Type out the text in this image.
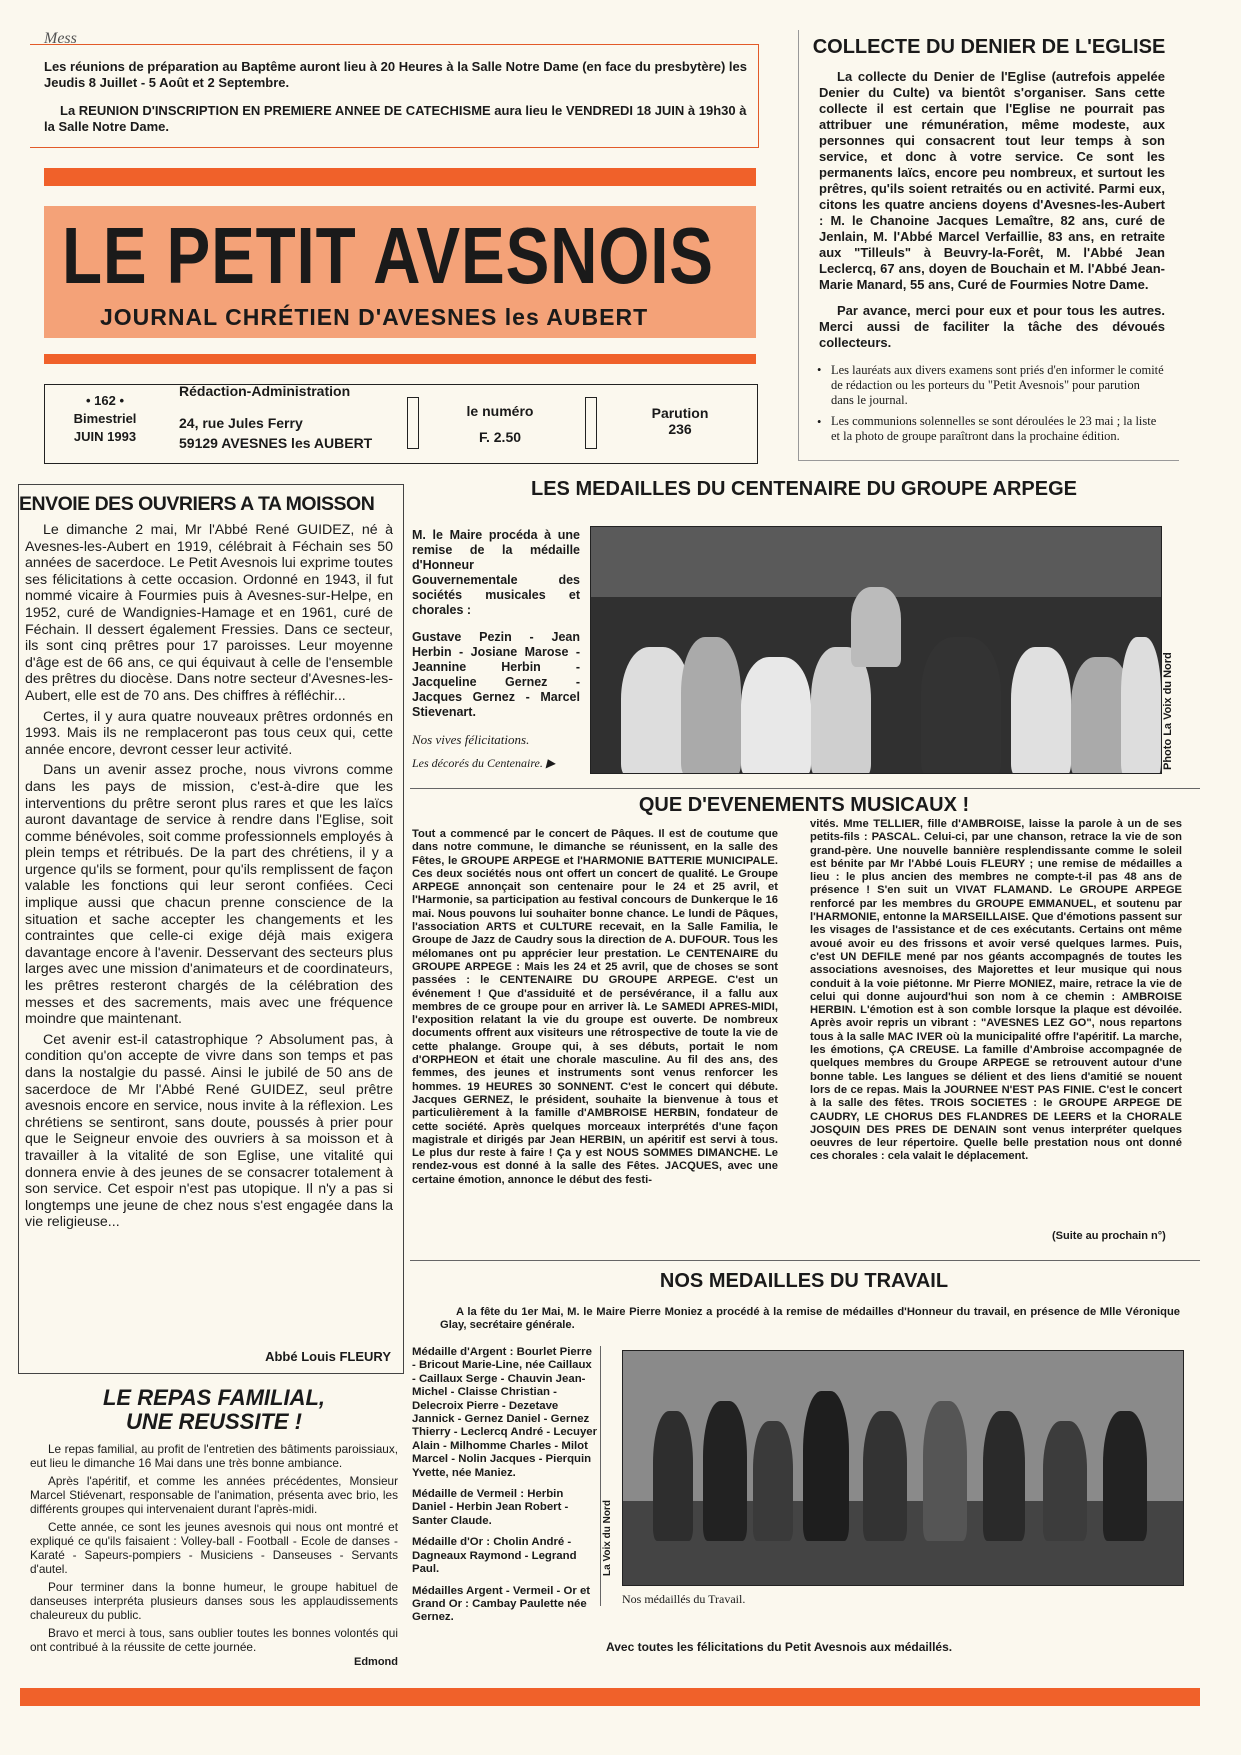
Mess
Les réunions de préparation au Baptême auront lieu à 20 Heures à la Salle Notre Dame (en face du presbytère) les Jeudis 8 Juillet - 5 Août et 2 Septembre.
La REUNION D'INSCRIPTION EN PREMIERE ANNEE DE CATECHISME aura lieu le VENDREDI 18 JUIN à 19h30 à la Salle Notre Dame.
LE PETIT AVESNOIS
JOURNAL CHRÉTIEN D'AVESNES les AUBERT
• 162 •
Bimestriel
JUIN 1993
Rédaction-Administration
24, rue Jules Ferry
59129 AVESNES les AUBERT
le numéro
F. 2.50
Parution
236
COLLECTE DU DENIER DE L'EGLISE

La collecte du Denier de l'Eglise (autrefois appelée Denier du Culte) va bientôt s'organiser. Sans cette collecte il est certain que l'Eglise ne pourrait pas attribuer une rémunération, même modeste, aux personnes qui consacrent tout leur temps à son service, et donc à votre service. Ce sont les permanents laïcs, encore peu nombreux, et surtout les prêtres, qu'ils soient retraités ou en activité. Parmi eux, citons les quatre anciens doyens d'Avesnes-les-Aubert : M. le Chanoine Jacques Lemaître, 82 ans, curé de Jenlain, M. l'Abbé Marcel Verfaillie, 83 ans, en retraite aux "Tilleuls" à Beuvry-la-Forêt, M. l'Abbé Jean Leclercq, 67 ans, doyen de Bouchain et M. l'Abbé Jean-Marie Manard, 55 ans, Curé de Fourmies Notre Dame.

Par avance, merci pour eux et pour tous les autres. Merci aussi de faciliter la tâche des dévoués collecteurs.

• Les lauréats aux divers examens sont priés d'en informer le comité de rédaction ou les porteurs du "Petit Avesnois" pour parution dans le journal.

• Les communions solennelles se sont déroulées le 23 mai ; la liste et la photo de groupe paraîtront dans la prochaine édition.

ENVOIE DES OUVRIERS A TA MOISSON

Le dimanche 2 mai, Mr l'Abbé René GUIDEZ, né à Avesnes-les-Aubert en 1919, célébrait à Féchain ses 50 années de sacerdoce. Le Petit Avesnois lui exprime toutes ses félicitations à cette occasion. Ordonné en 1943, il fut nommé vicaire à Fourmies puis à Avesnes-sur-Helpe, en 1952, curé de Wandignies-Hamage et en 1961, curé de Féchain. Il dessert également Fressies. Dans ce secteur, ils sont cinq prêtres pour 17 paroisses. Leur moyenne d'âge est de 66 ans, ce qui équivaut à celle de l'ensemble des prêtres du diocèse. Dans notre secteur d'Avesnes-les-Aubert, elle est de 70 ans. Des chiffres à réfléchir...

Certes, il y aura quatre nouveaux prêtres ordonnés en 1993. Mais ils ne remplaceront pas tous ceux qui, cette année encore, devront cesser leur activité.

Dans un avenir assez proche, nous vivrons comme dans les pays de mission, c'est-à-dire que les interventions du prêtre seront plus rares et que les laïcs auront davantage de service à rendre dans l'Eglise, soit comme bénévoles, soit comme professionnels employés à plein temps et rétribués. De la part des chrétiens, il y a urgence qu'ils se forment, pour qu'ils remplissent de façon valable les fonctions qui leur seront confiées. Ceci implique aussi que chacun prenne conscience de la situation et sache accepter les changements et les contraintes que celle-ci exige déjà mais exigera davantage encore à l'avenir. Desservant des secteurs plus larges avec une mission d'animateurs et de coordinateurs, les prêtres resteront chargés de la célébration des messes et des sacrements, mais avec une fréquence moindre que maintenant.

Cet avenir est-il catastrophique ? Absolument pas, à condition qu'on accepte de vivre dans son temps et pas dans la nostalgie du passé. Ainsi le jubilé de 50 ans de sacerdoce de Mr l'Abbé René GUIDEZ, seul prêtre avesnois encore en service, nous invite à la réflexion. Les chrétiens se sentiront, sans doute, poussés à prier pour que le Seigneur envoie des ouvriers à sa moisson et à travailler à la vitalité de son Eglise, une vitalité qui donnera envie à des jeunes de se consacrer totalement à son service. Cet espoir n'est pas utopique. Il n'y a pas si longtemps une jeune de chez nous s'est engagée dans la vie religieuse...

Abbé Louis FLEURY
LE REPAS FAMILIAL,
UNE REUSSITE !

Le repas familial, au profit de l'entretien des bâtiments paroissiaux, eut lieu le dimanche 16 Mai dans une très bonne ambiance.

Après l'apéritif, et comme les années précédentes, Monsieur Marcel Stiévenart, responsable de l'animation, présenta avec brio, les différents groupes qui intervenaient durant l'après-midi.

Cette année, ce sont les jeunes avesnois qui nous ont montré et expliqué ce qu'ils faisaient : Volley-ball - Football - Ecole de danses - Karaté - Sapeurs-pompiers - Musiciens - Danseuses - Servants d'autel.

Pour terminer dans la bonne humeur, le groupe habituel de danseuses interpréta plusieurs danses sous les applaudissements chaleureux du public.

Bravo et merci à tous, sans oublier toutes les bonnes volontés qui ont contribué à la réussite de cette journée.

Edmond
LES MEDAILLES DU CENTENAIRE DU GROUPE ARPEGE
M. le Maire procéda à une remise de la médaille d'Honneur Gouvernementale des sociétés musicales et chorales :
Gustave Pezin - Jean Herbin - Josiane Marose - Jeannine Herbin - Jacqueline Gernez - Jacques Gernez - Marcel Stievenart.
Nos vives félicitations.
Les décorés du Centenaire. ▶	Photo La Voix du Nord
QUE D'EVENEMENTS MUSICAUX !
Tout a commencé par le concert de Pâques. Il est de coutume que dans notre commune, le dimanche se réunissent, en la salle des Fêtes, le GROUPE ARPEGE et l'HARMONIE BATTERIE MUNICIPALE. Ces deux sociétés nous ont offert un concert de qualité. Le Groupe ARPEGE annonçait son centenaire pour le 24 et 25 avril, et l'Harmonie, sa participation au festival concours de Dunkerque le 16 mai. Nous pouvons lui souhaiter bonne chance. Le lundi de Pâques, l'association ARTS et CULTURE recevait, en la Salle Familia, le Groupe de Jazz de Caudry sous la direction de A. DUFOUR. Tous les mélomanes ont pu apprécier leur prestation. Le CENTENAIRE du GROUPE ARPEGE : Mais les 24 et 25 avril, que de choses se sont passées : le CENTENAIRE DU GROUPE ARPEGE. C'est un événement ! Que d'assiduité et de persévérance, il a fallu aux membres de ce groupe pour en arriver là. Le SAMEDI APRES-MIDI, l'exposition relatant la vie du groupe est ouverte. De nombreux documents offrent aux visiteurs une rétrospective de toute la vie de cette phalange. Groupe qui, à ses débuts, portait le nom d'ORPHEON et était une chorale masculine. Au fil des ans, des femmes, des jeunes et instruments sont venus renforcer les hommes. 19 HEURES 30 SONNENT. C'est le concert qui débute. Jacques GERNEZ, le président, souhaite la bienvenue à tous et particulièrement à la famille d'AMBROISE HERBIN, fondateur de cette société. Après quelques morceaux interprétés d'une façon magistrale et dirigés par Jean HERBIN, un apéritif est servi à tous. Le plus dur reste à faire ! Ça y est NOUS SOMMES DIMANCHE. Le rendez-vous est donné à la salle des Fêtes. JACQUES, avec une certaine émotion, annonce le début des festi-
vités. Mme TELLIER, fille d'AMBROISE, laisse la parole à un de ses petits-fils : PASCAL. Celui-ci, par une chanson, retrace la vie de son grand-père. Une nouvelle bannière resplendissante comme le soleil est bénite par Mr l'Abbé Louis FLEURY ; une remise de médailles a lieu : le plus ancien des membres ne compte-t-il pas 48 ans de présence ! S'en suit un VIVAT FLAMAND. Le GROUPE ARPEGE renforcé par les membres du GROUPE EMMANUEL, et soutenu par l'HARMONIE, entonne la MARSEILLAISE. Que d'émotions passent sur les visages de l'assistance et de ces exécutants. Certains ont même avoué avoir eu des frissons et avoir versé quelques larmes. Puis, c'est UN DEFILE mené par nos géants accompagnés de toutes les associations avesnoises, des Majorettes et leur musique qui nous conduit à la voie piétonne. Mr Pierre MONIEZ, maire, retrace la vie de celui qui donne aujourd'hui son nom à ce chemin : AMBROISE HERBIN. L'émotion est à son comble lorsque la plaque est dévoilée. Après avoir repris un vibrant : "AVESNES LEZ GO", nous repartons tous à la salle MAC IVER où la municipalité offre l'apéritif. La marche, les émotions, ÇA CREUSE. La famille d'Ambroise accompagnée de quelques membres du Groupe ARPEGE se retrouvent autour d'une bonne table. Les langues se délient et des liens d'amitié se nouent lors de ce repas. Mais la JOURNEE N'EST PAS FINIE. C'est le concert à la salle des fêtes. TROIS SOCIETES : le GROUPE ARPEGE DE CAUDRY, LE CHORUS DES FLANDRES DE LEERS et la CHORALE JOSQUIN DES PRES DE DENAIN sont venus interpréter quelques oeuvres de leur répertoire. Quelle belle prestation nous ont donné ces chorales : cela valait le déplacement.
(Suite au prochain n°)
NOS MEDAILLES DU TRAVAIL
A la fête du 1er Mai, M. le Maire Pierre Moniez a procédé à la remise de médailles d'Honneur du travail, en présence de Mlle Véronique Glay, secrétaire générale.

Médaille d'Argent : Bourlet Pierre - Bricout Marie-Line, née Caillaux - Caillaux Serge - Chauvin Jean-Michel - Claisse Christian - Delecroix Pierre - Dezetave Jannick - Gernez Daniel - Gernez Thierry - Leclercq André - Lecuyer Alain - Milhomme Charles - Milot Marcel - Nolin Jacques - Pierquin Yvette, née Maniez.

Médaille de Vermeil : Herbin Daniel - Herbin Jean Robert - Santer Claude.

Médaille d'Or : Cholin André - Dagneaux Raymond - Legrand Paul.

Médailles Argent - Vermeil - Or et Grand Or : Cambay Paulette née Gernez.

La Voix du Nord
Nos médaillés du Travail.
Avec toutes les félicitations du Petit Avesnois aux médaillés.
